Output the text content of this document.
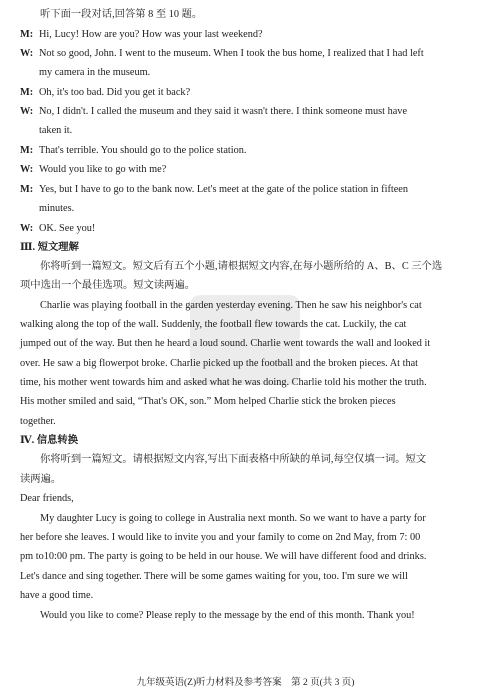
听下面一段对话,回答第 8 至 10 题。
M: Hi, Lucy! How are you? How was your last weekend?
W: Not so good, John. I went to the museum. When I took the bus home, I realized that I had left
my camera in the museum.
M: Oh, it's too bad. Did you get it back?
W: No, I didn't. I called the museum and they said it wasn't there. I think someone must have
taken it.
M: That's terrible. You should go to the police station.
W: Would you like to go with me?
M: Yes, but I have to go to the bank now. Let's meet at the gate of the police station in fifteen
minutes.
W: OK. See you!
Ⅲ. 短文理解
你将听到一篇短文。短文后有五个小题,请根据短文内容,在每小题所给的 A、B、C 三个选
项中选出一个最佳选项。短文读两遍。
Charlie was playing football in the garden yesterday evening. Then he saw his neighbor's cat
walking along the top of the wall. Suddenly, the football flew towards the cat. Luckily, the cat
jumped out of the way. But then he heard a loud sound. Charlie went towards the wall and looked it
over. He saw a big flowerpot broke. Charlie picked up the football and the broken pieces. At that
time, his mother went towards him and asked what he was doing. Charlie told his mother the truth.
His mother smiled and said, “That's OK, son.” Mom helped Charlie stick the broken pieces
together.
Ⅳ. 信息转换
你将听到一篇短文。请根据短文内容,写出下面表格中所缺的单词,每空仅填一词。短文
读两遍。
Dear friends,
My daughter Lucy is going to college in Australia next month. So we want to have a party for
her before she leaves. I would like to invite you and your family to come on 2nd May, from 7: 00
pm to10:00 pm. The party is going to be held in our house. We will have different food and drinks.
Let's dance and sing together. There will be some games waiting for you, too. I'm sure we will
have a good time.
Would you like to come? Please reply to the message by the end of this month. Thank you!
九年级英语(Z)听力材料及参考答案　第 2 页(共 3 页)
